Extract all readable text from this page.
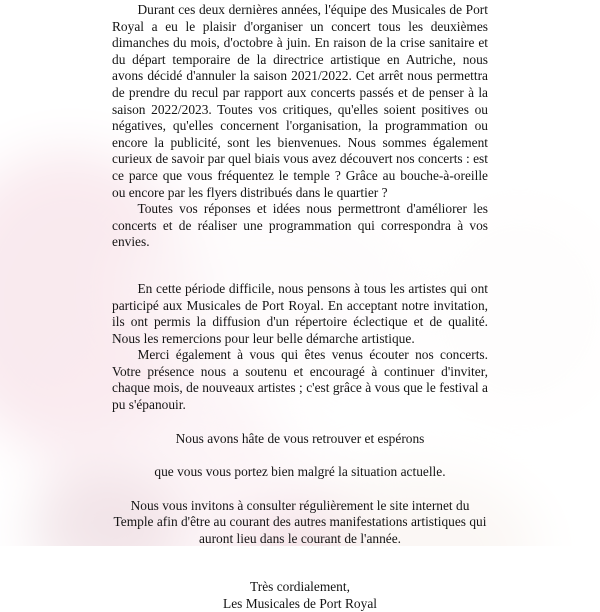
Durant ces deux dernières années, l'équipe des Musicales de Port Royal a eu le plaisir d'organiser un concert tous les deuxièmes dimanches du mois, d'octobre à juin. En raison de la crise sanitaire et du départ temporaire de la directrice artistique en Autriche, nous avons décidé d'annuler la saison 2021/2022. Cet arrêt nous permettra de prendre du recul par rapport aux concerts passés et de penser à la saison 2022/2023. Toutes vos critiques, qu'elles soient positives ou négatives, qu'elles concernent l'organisation, la programmation ou encore la publicité, sont les bienvenues. Nous sommes également curieux de savoir par quel biais vous avez découvert nos concerts : est ce parce que vous fréquentez le temple ? Grâce au bouche-à-oreille ou encore par les flyers distribués dans le quartier ?

Toutes vos réponses et idées nous permettront d'améliorer les concerts et de réaliser une programmation qui correspondra à vos envies.

En cette période difficile, nous pensons à tous les artistes qui ont participé aux Musicales de Port Royal. En acceptant notre invitation, ils ont permis la diffusion d'un répertoire éclectique et de qualité. Nous les remercions pour leur belle démarche artistique.

Merci également à vous qui êtes venus écouter nos concerts. Votre présence nous a soutenu et encouragé à continuer d'inviter, chaque mois, de nouveaux artistes ; c'est grâce à vous que le festival a pu s'épanouir.

Nous avons hâte de vous retrouver et espérons

que vous vous portez bien malgré la situation actuelle.

Nous vous invitons à consulter régulièrement le site internet du Temple afin d'être au courant des autres manifestations artistiques qui auront lieu dans le courant de l'année.

Très cordialement,
Les Musicales de Port Royal
